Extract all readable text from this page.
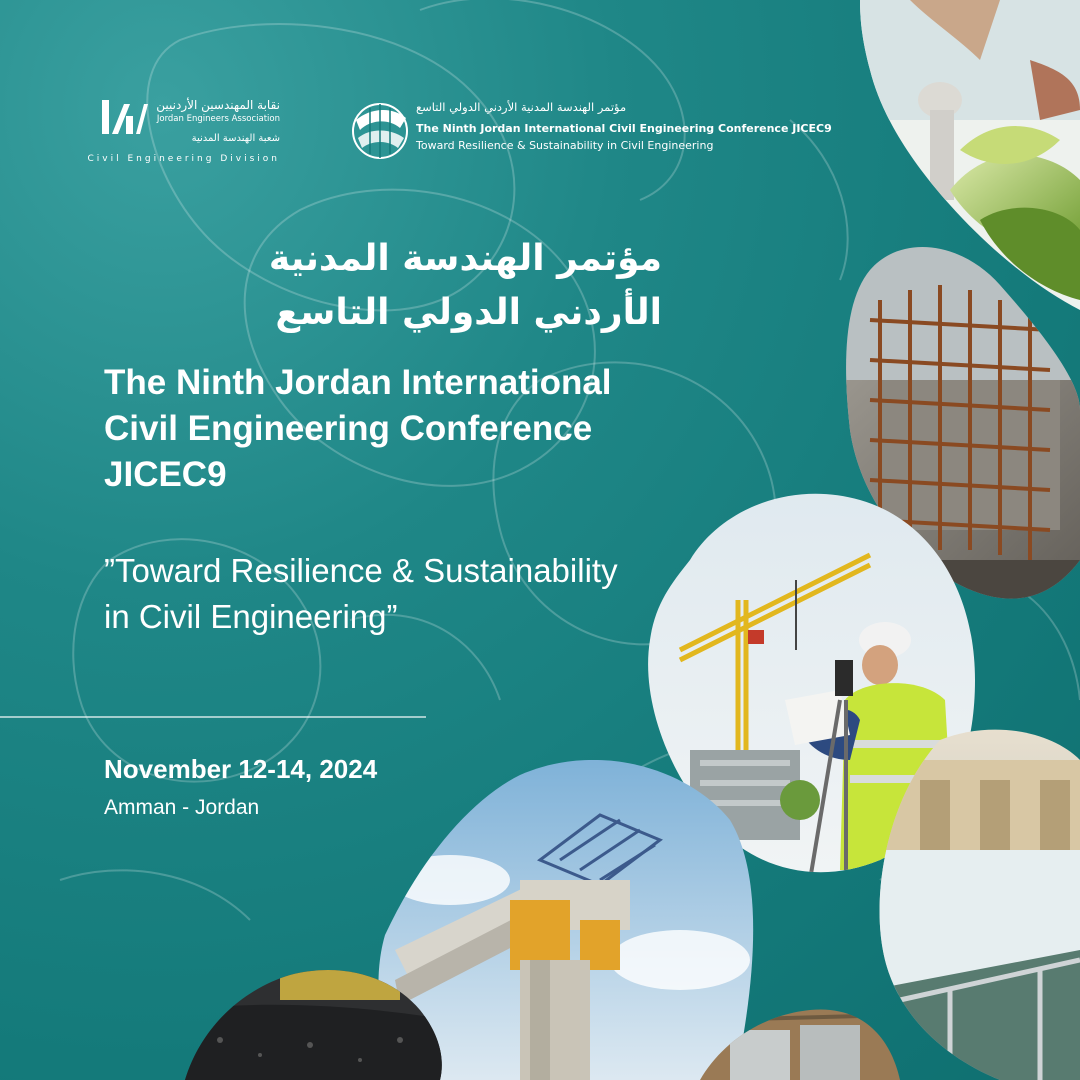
نقابة المهندسين الأردنيين
Jordan Engineers Association
شعبة الهندسة المدنية
Civil Engineering Division
مؤتمر الهندسة المدنية الأردني الدولي التاسع
The Ninth Jordan International Civil Engineering Conference JICEC9
Toward Resilience & Sustainability in Civil Engineering
مؤتمر الهندسة المدنية
الأردني الدولي التاسع
The Ninth Jordan International
Civil Engineering Conference
JICEC9
”Toward Resilience & Sustainability
in Civil Engineering”
November 12-14, 2024
Amman - Jordan
